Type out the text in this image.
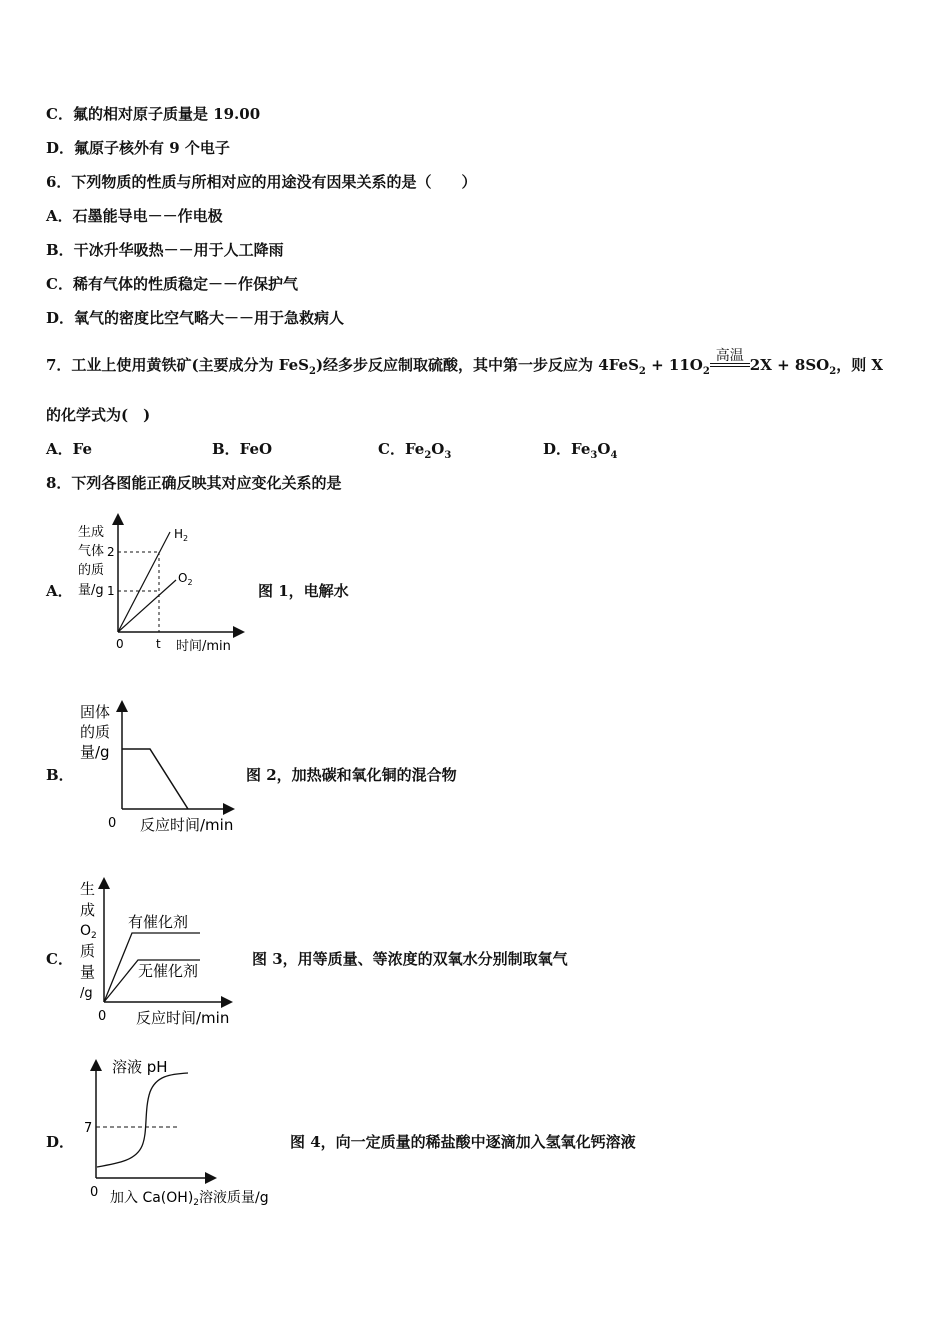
C．氟的相对原子质量是 19.00
D．氟原子核外有 9 个电子
6．下列物质的性质与所相对应的用途没有因果关系的是（　　）
A．石墨能导电－－作电极
B．干冰升华吸热－－用于人工降雨
C．稀有气体的性质稳定－－作保护气
D．氧气的密度比空气略大－－用于急救病人
7．工业上使用黄铁矿(主要成分为 FeS$_2$)经多步反应制取硫酸，其中第一步反应为 $4FeS_2 + 11O_2$
高温 $2X + 8SO_2$，则 X
的化学式为(　)
A．Fe	B．FeO	C．$Fe_2O_3$	D．$Fe_3O_4$
8．下列各图能正确反映其对应变化关系的是
A．	图 1，电解水
生成
气体
的质
量/g
2
1
0	t 时间/min
$H_2$
$O_2$
B．	图 2，加热碳和氧化铜的混合物
固体
的质
量/g
0 反应时间/min
C．	图 3，用等质量、等浓度的双氧水分别制取氧气
生
成
$O_2$
质
量
/g
0 反应时间/min
有催化剂
无催化剂
D．	图 4，向一定质量的稀盐酸中逐滴加入氢氧化钙溶液
溶液 pH
7
0 加入 $Ca(OH)_2$溶液质量/g
